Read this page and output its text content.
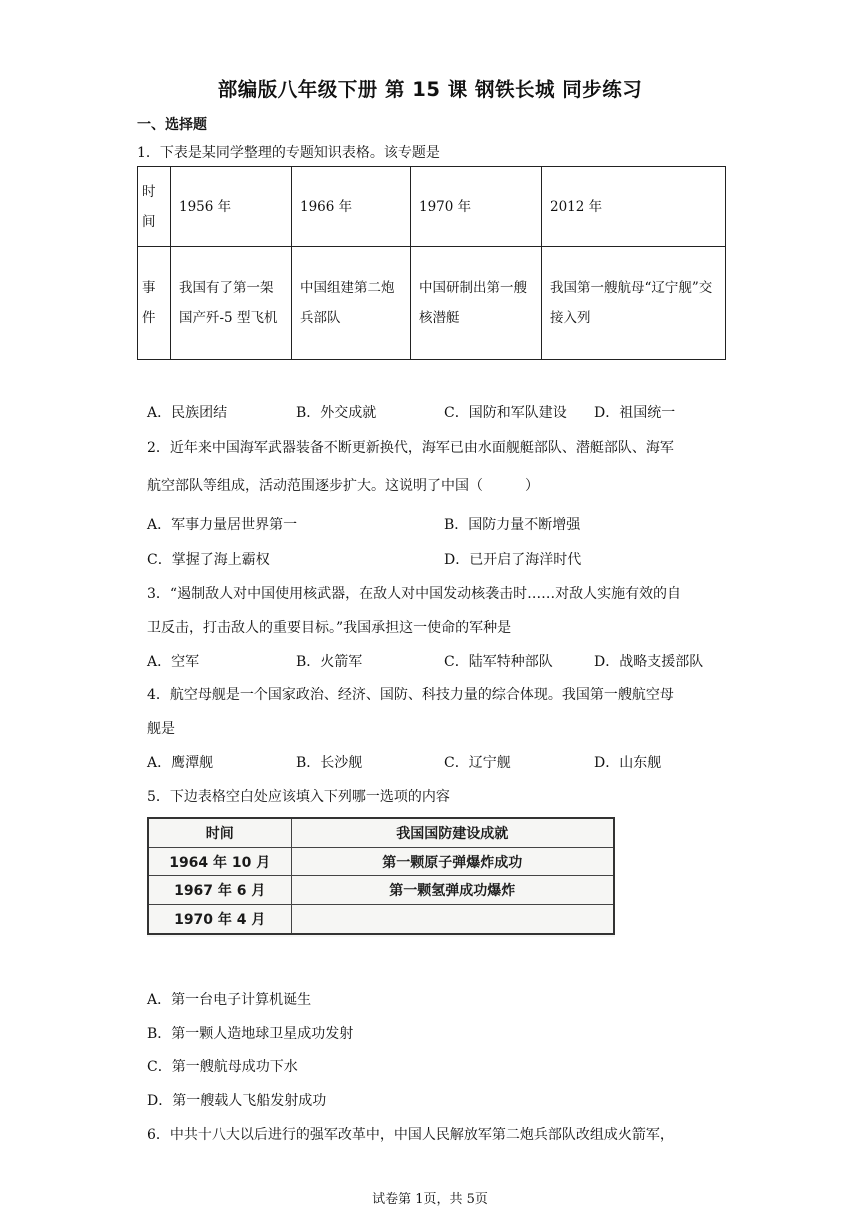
部编版八年级下册 第 15 课 钢铁长城 同步练习
一、选择题
1．下表是某同学整理的专题知识表格。该专题是
时
间	1956 年	1966 年	1970 年	2012 年

事
件	我国有了第一架国产歼-5 型飞机	中国组建第二炮兵部队	中国研制出第一艘核潜艇	我国第一艘航母“辽宁舰”交接入列
A．民族团结	B．外交成就	C．国防和军队建设 D．祖国统一
2．近年来中国海军武器装备不断更新换代，海军已由水面舰艇部队、潜艇部队、海军
航空部队等组成，活动范围逐步扩大。这说明了中国（　　　）
A．军事力量居世界第一	B．国防力量不断增强
C．掌握了海上霸权	D．已开启了海洋时代
3．“遏制敌人对中国使用核武器，在敌人对中国发动核袭击时……对敌人实施有效的自
卫反击，打击敌人的重要目标。”我国承担这一使命的军种是
A．空军	B．火箭军	C．陆军特种部队	D．战略支援部队
4．航空母舰是一个国家政治、经济、国防、科技力量的综合体现。我国第一艘航空母
舰是
A．鹰潭舰	B．长沙舰	C．辽宁舰	D．山东舰
5．下边表格空白处应该填入下列哪一选项的内容
时间	我国国防建设成就
1964 年 10 月	第一颗原子弹爆炸成功
1967 年 6 月	第一颗氢弹成功爆炸
1970 年 4 月	
A．第一台电子计算机诞生
B．第一颗人造地球卫星成功发射
C．第一艘航母成功下水
D．第一艘载人飞船发射成功
6．中共十八大以后进行的强军改革中，中国人民解放军第二炮兵部队改组成火箭军，
试卷第 1页，共 5页
